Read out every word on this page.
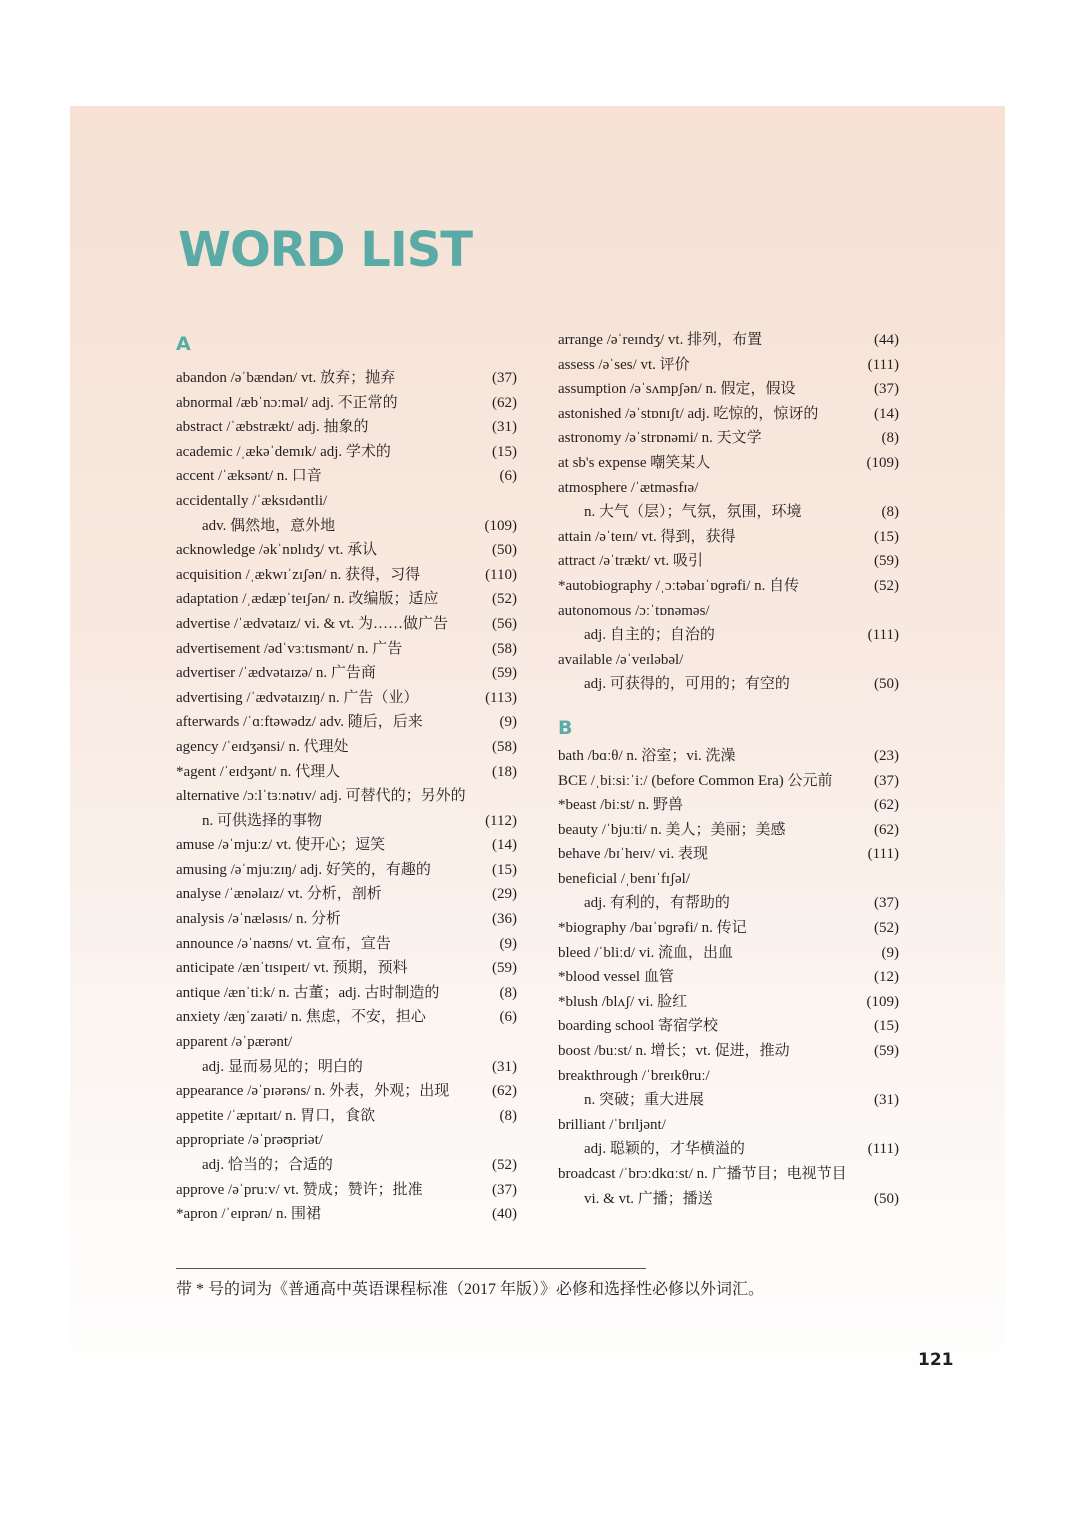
WORD LIST
A
abandon /əˈbændən/ vt. 放弃；抛弃	(37)
abnormal /æbˈnɔːməl/ adj. 不正常的	(62)
abstract /ˈæbstrækt/ adj. 抽象的	(31)
academic /ˌækəˈdemɪk/ adj. 学术的	(15)
accent /ˈæksənt/ n. 口音	(6)
accidentally /ˈæksɪdəntli/
adv. 偶然地，意外地	(109)
acknowledge /əkˈnɒlɪdʒ/ vt. 承认	(50)
acquisition /ˌækwɪˈzɪʃən/ n. 获得，习得	(110)
adaptation /ˌædæpˈteɪʃən/ n. 改编版；适应	(52)
advertise /ˈædvətaɪz/ vi. & vt. 为……做广告	(56)
advertisement /ədˈvɜːtɪsmənt/ n. 广告	(58)
advertiser /ˈædvətaɪzə/ n. 广告商	(59)
advertising /ˈædvətaɪzɪŋ/ n. 广告（业）	(113)
afterwards /ˈɑːftəwədz/ adv. 随后，后来	(9)
agency /ˈeɪdʒənsi/ n. 代理处	(58)
*agent /ˈeɪdʒənt/ n. 代理人	(18)
alternative /ɔːlˈtɜːnətɪv/ adj. 可替代的；另外的
n. 可供选择的事物	(112)
amuse /əˈmjuːz/ vt. 使开心；逗笑	(14)
amusing /əˈmjuːzɪŋ/ adj. 好笑的，有趣的	(15)
analyse /ˈænəlaɪz/ vt. 分析，剖析	(29)
analysis /əˈnæləsɪs/ n. 分析	(36)
announce /əˈnaʊns/ vt. 宣布，宣告	(9)
anticipate /ænˈtɪsɪpeɪt/ vt. 预期，预料	(59)
antique /ænˈtiːk/ n. 古董；adj. 古时制造的	(8)
anxiety /æŋˈzaɪəti/ n. 焦虑，不安，担心	(6)
apparent /əˈpærənt/
adj. 显而易见的；明白的	(31)
appearance /əˈpɪərəns/ n. 外表，外观；出现	(62)
appetite /ˈæpɪtaɪt/ n. 胃口，食欲	(8)
appropriate /əˈprəʊpriət/
adj. 恰当的；合适的	(52)
approve /əˈpruːv/ vt. 赞成；赞许；批准	(37)
*apron /ˈeɪprən/ n. 围裙	(40)
arrange /əˈreɪndʒ/ vt. 排列，布置	(44)
assess /əˈses/ vt. 评价	(111)
assumption /əˈsʌmpʃən/ n. 假定，假设	(37)
astonished /əˈstɒnɪʃt/ adj. 吃惊的，惊讶的	(14)
astronomy /əˈstrɒnəmi/ n. 天文学	(8)
at sb's expense 嘲笑某人	(109)
atmosphere /ˈætməsfɪə/
n. 大气（层）；气氛，氛围，环境	(8)
attain /əˈteɪn/ vt. 得到，获得	(15)
attract /əˈtrækt/ vt. 吸引	(59)
*autobiography /ˌɔːtəbaɪˈɒɡrəfi/ n. 自传	(52)
autonomous /ɔːˈtɒnəməs/
adj. 自主的；自治的	(111)
available /əˈveɪləbəl/
adj. 可获得的，可用的；有空的	(50)
B
bath /bɑːθ/ n. 浴室；vi. 洗澡	(23)
BCE /ˌbiːsiːˈiː/ (before Common Era) 公元前	(37)
*beast /biːst/ n. 野兽	(62)
beauty /ˈbjuːti/ n. 美人；美丽；美感	(62)
behave /bɪˈheɪv/ vi. 表现	(111)
beneficial /ˌbenɪˈfɪʃəl/
adj. 有利的，有帮助的	(37)
*biography /baɪˈɒɡrəfi/ n. 传记	(52)
bleed /ˈbliːd/ vi. 流血，出血	(9)
*blood vessel 血管	(12)
*blush /blʌʃ/ vi. 脸红	(109)
boarding school 寄宿学校	(15)
boost /buːst/ n. 增长；vt. 促进，推动	(59)
breakthrough /ˈbreɪkθruː/
n. 突破；重大进展	(31)
brilliant /ˈbrɪljənt/
adj. 聪颖的，才华横溢的	(111)
broadcast /ˈbrɔːdkɑːst/ n. 广播节目；电视节目
vi. & vt. 广播；播送	(50)
带 * 号的词为《普通高中英语课程标准（2017 年版）》必修和选择性必修以外词汇。
121
